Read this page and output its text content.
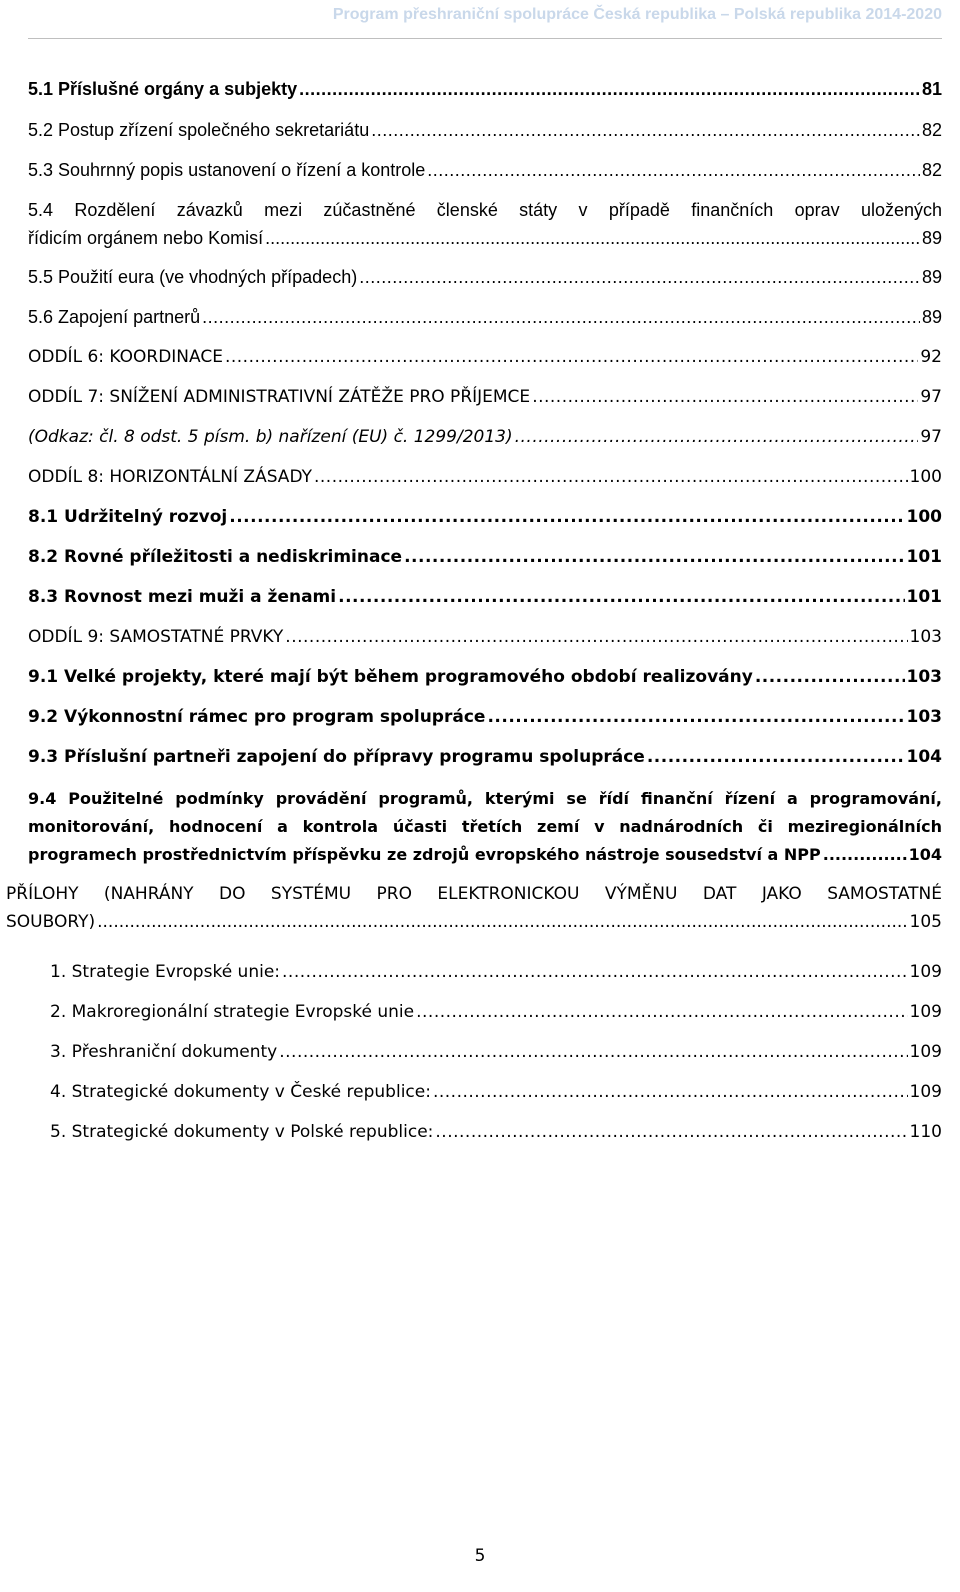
Program přeshraniční spolupráce Česká republika – Polská republika 2014-2020
5.1 Příslušné orgány a subjekty .....	81
5.2 Postup zřízení společného sekretariátu .....	82
5.3 Souhrnný popis ustanovení o řízení a kontrole .....	82
5.4 Rozdělení závazků mezi zúčastněné členské státy v případě finančních oprav uložených
řídicím orgánem nebo Komisí .....	89
5.5 Použití eura (ve vhodných případech) .....	89
5.6 Zapojení partnerů .....	89
ODDÍL 6: KOORDINACE .....	92
ODDÍL 7: SNÍŽENÍ ADMINISTRATIVNÍ ZÁTĚŽE PRO PŘÍJEMCE .....	97
(Odkaz: čl. 8 odst. 5 písm. b) nařízení (EU) č. 1299/2013) .....	97
ODDÍL 8: HORIZONTÁLNÍ ZÁSADY .....	100
8.1 Udržitelný rozvoj .....	100
8.2 Rovné příležitosti a nediskriminace .....	101
8.3 Rovnost mezi muži a ženami .....	101
ODDÍL 9: SAMOSTATNÉ PRVKY .....	103
9.1 Velké projekty, které mají být během programového období realizovány .....	103
9.2 Výkonnostní rámec pro program spolupráce .....	103
9.3 Příslušní partneři zapojení do přípravy programu spolupráce .....	104
9.4 Použitelné podmínky provádění programů, kterými se řídí finanční řízení a programování,
monitorování, hodnocení a kontrola účasti třetích zemí v nadnárodních či meziregionálních
programech prostřednictvím příspěvku ze zdrojů evropského nástroje sousedství a NPP .....	104
PŘÍLOHY (NAHRÁNY DO SYSTÉMU PRO ELEKTRONICKOU VÝMĚNU DAT JAKO SAMOSTATNÉ
SOUBORY) .....	105
1. Strategie Evropské unie: .....	109
2. Makroregionální strategie Evropské unie .....	109
3. Přeshraniční dokumenty .....	109
4. Strategické dokumenty v České republice: .....	109
5. Strategické dokumenty v Polské republice: .....	110
5
